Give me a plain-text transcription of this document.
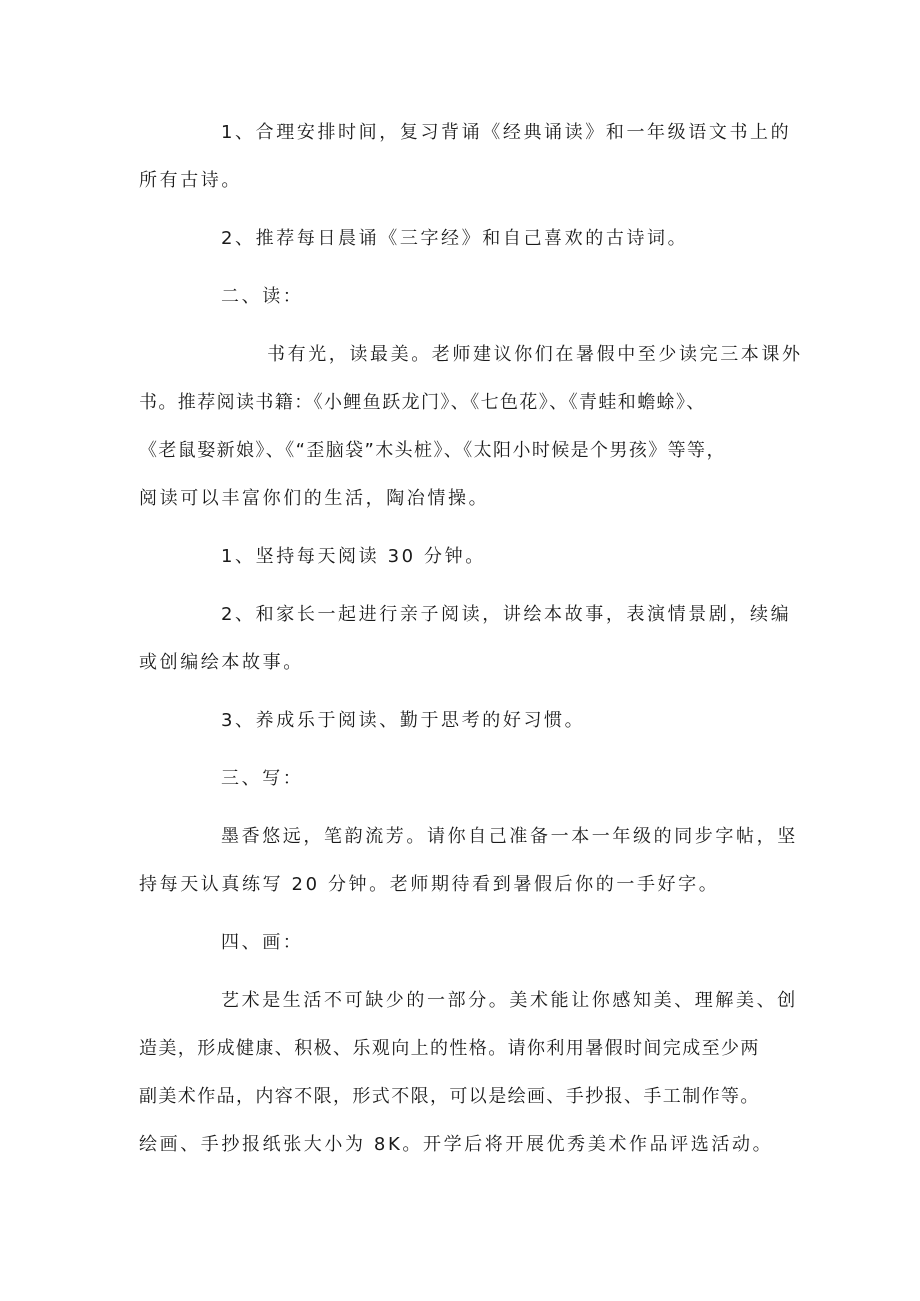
1、合理安排时间，复习背诵《经典诵读》和一年级语文书上的
所有古诗。
2、推荐每日晨诵《三字经》和自己喜欢的古诗词。
二、读：
书有光，读最美。老师建议你们在暑假中至少读完三本课外
书。推荐阅读书籍：《小鲤鱼跃龙门》、《七色花》、《青蛙和蟾蜍》、
《老鼠娶新娘》、《“歪脑袋”木头桩》、《太阳小时候是个男孩》等等，
阅读可以丰富你们的生活，陶冶情操。
1、坚持每天阅读 30 分钟。
2、和家长一起进行亲子阅读，讲绘本故事，表演情景剧，续编
或创编绘本故事。
3、养成乐于阅读、勤于思考的好习惯。
三、写：
墨香悠远，笔韵流芳。请你自己准备一本一年级的同步字帖，坚
持每天认真练写 20 分钟。老师期待看到暑假后你的一手好字。
四、画：
艺术是生活不可缺少的一部分。美术能让你感知美、理解美、创
造美，形成健康、积极、乐观向上的性格。请你利用暑假时间完成至少两
副美术作品，内容不限，形式不限，可以是绘画、手抄报、手工制作等。
绘画、手抄报纸张大小为 8K。开学后将开展优秀美术作品评选活动。
